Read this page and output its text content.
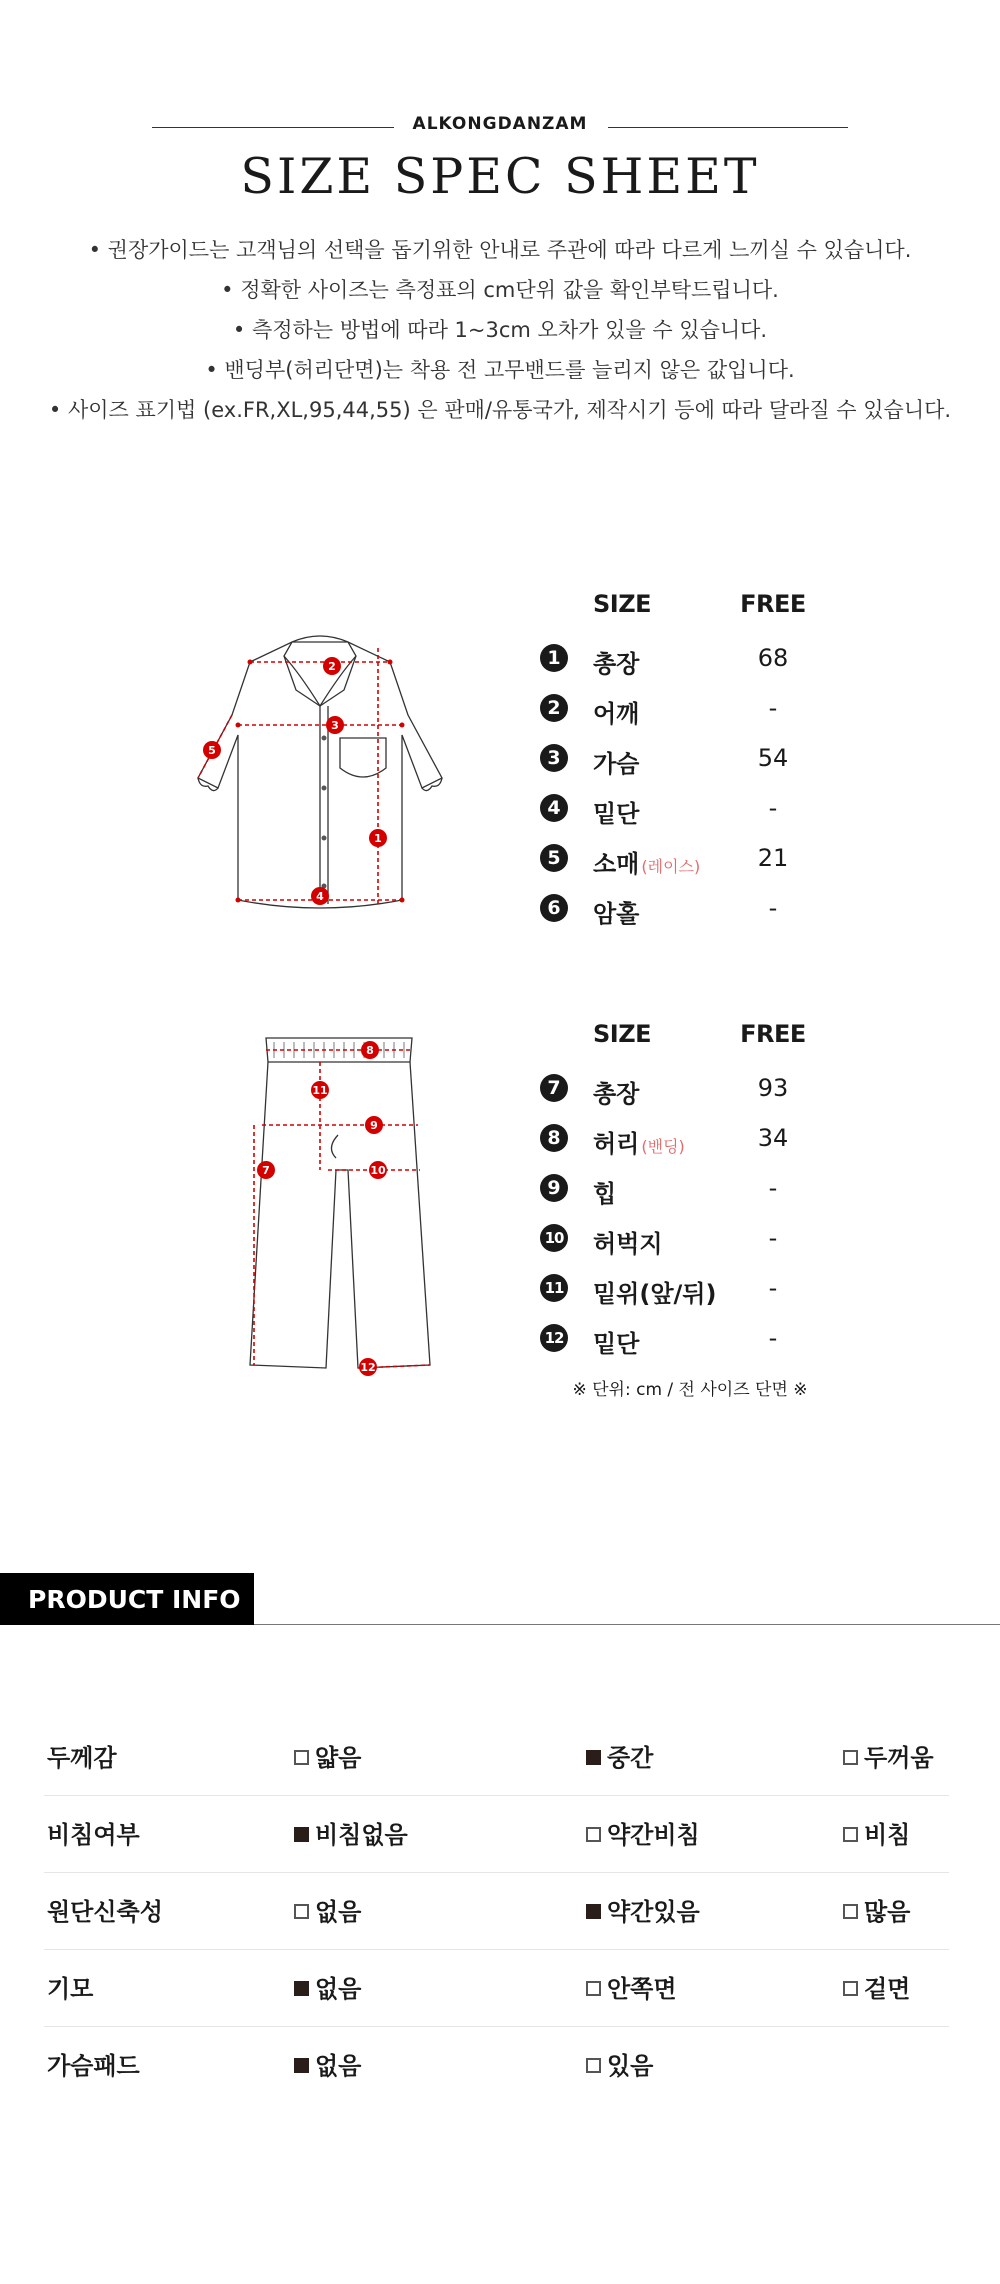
ALKONGDANZAM
SIZE SPEC SHEET
• 권장가이드는 고객님의 선택을 돕기위한 안내로 주관에 따라 다르게 느끼실 수 있습니다.
• 정확한 사이즈는 측정표의 cm단위 값을 확인부탁드립니다.
• 측정하는 방법에 따라 1~3cm 오차가 있을 수 있습니다.
• 밴딩부(허리단면)는 착용 전 고무밴드를 늘리지 않은 값입니다.
• 사이즈 표기법 (ex.FR,XL,95,44,55) 은 판매/유통국가, 제작시기 등에 따라 달라질 수 있습니다.
2
3
5
1
4
SIZE	FREE
1	총장	68
2	어깨	-
3	가슴	54
4	밑단	-
5	소매 (레이스)	21
6	암홀	-
8
11
9
10
7
12
SIZE	FREE
7	총장	93
8	허리 (밴딩)	34
9	힙	-
10 허벅지	-
11 밑위(앞/뒤)	-
12 밑단	-
※ 단위: cm / 전 사이즈 단면 ※
PRODUCT INFO
두께감	얇음	중간	두꺼움
비침여부	비침없음	약간비침	비침
원단신축성	없음	약간있음	많음
기모	없음	안쪽면	겉면
가슴패드	없음	있음
